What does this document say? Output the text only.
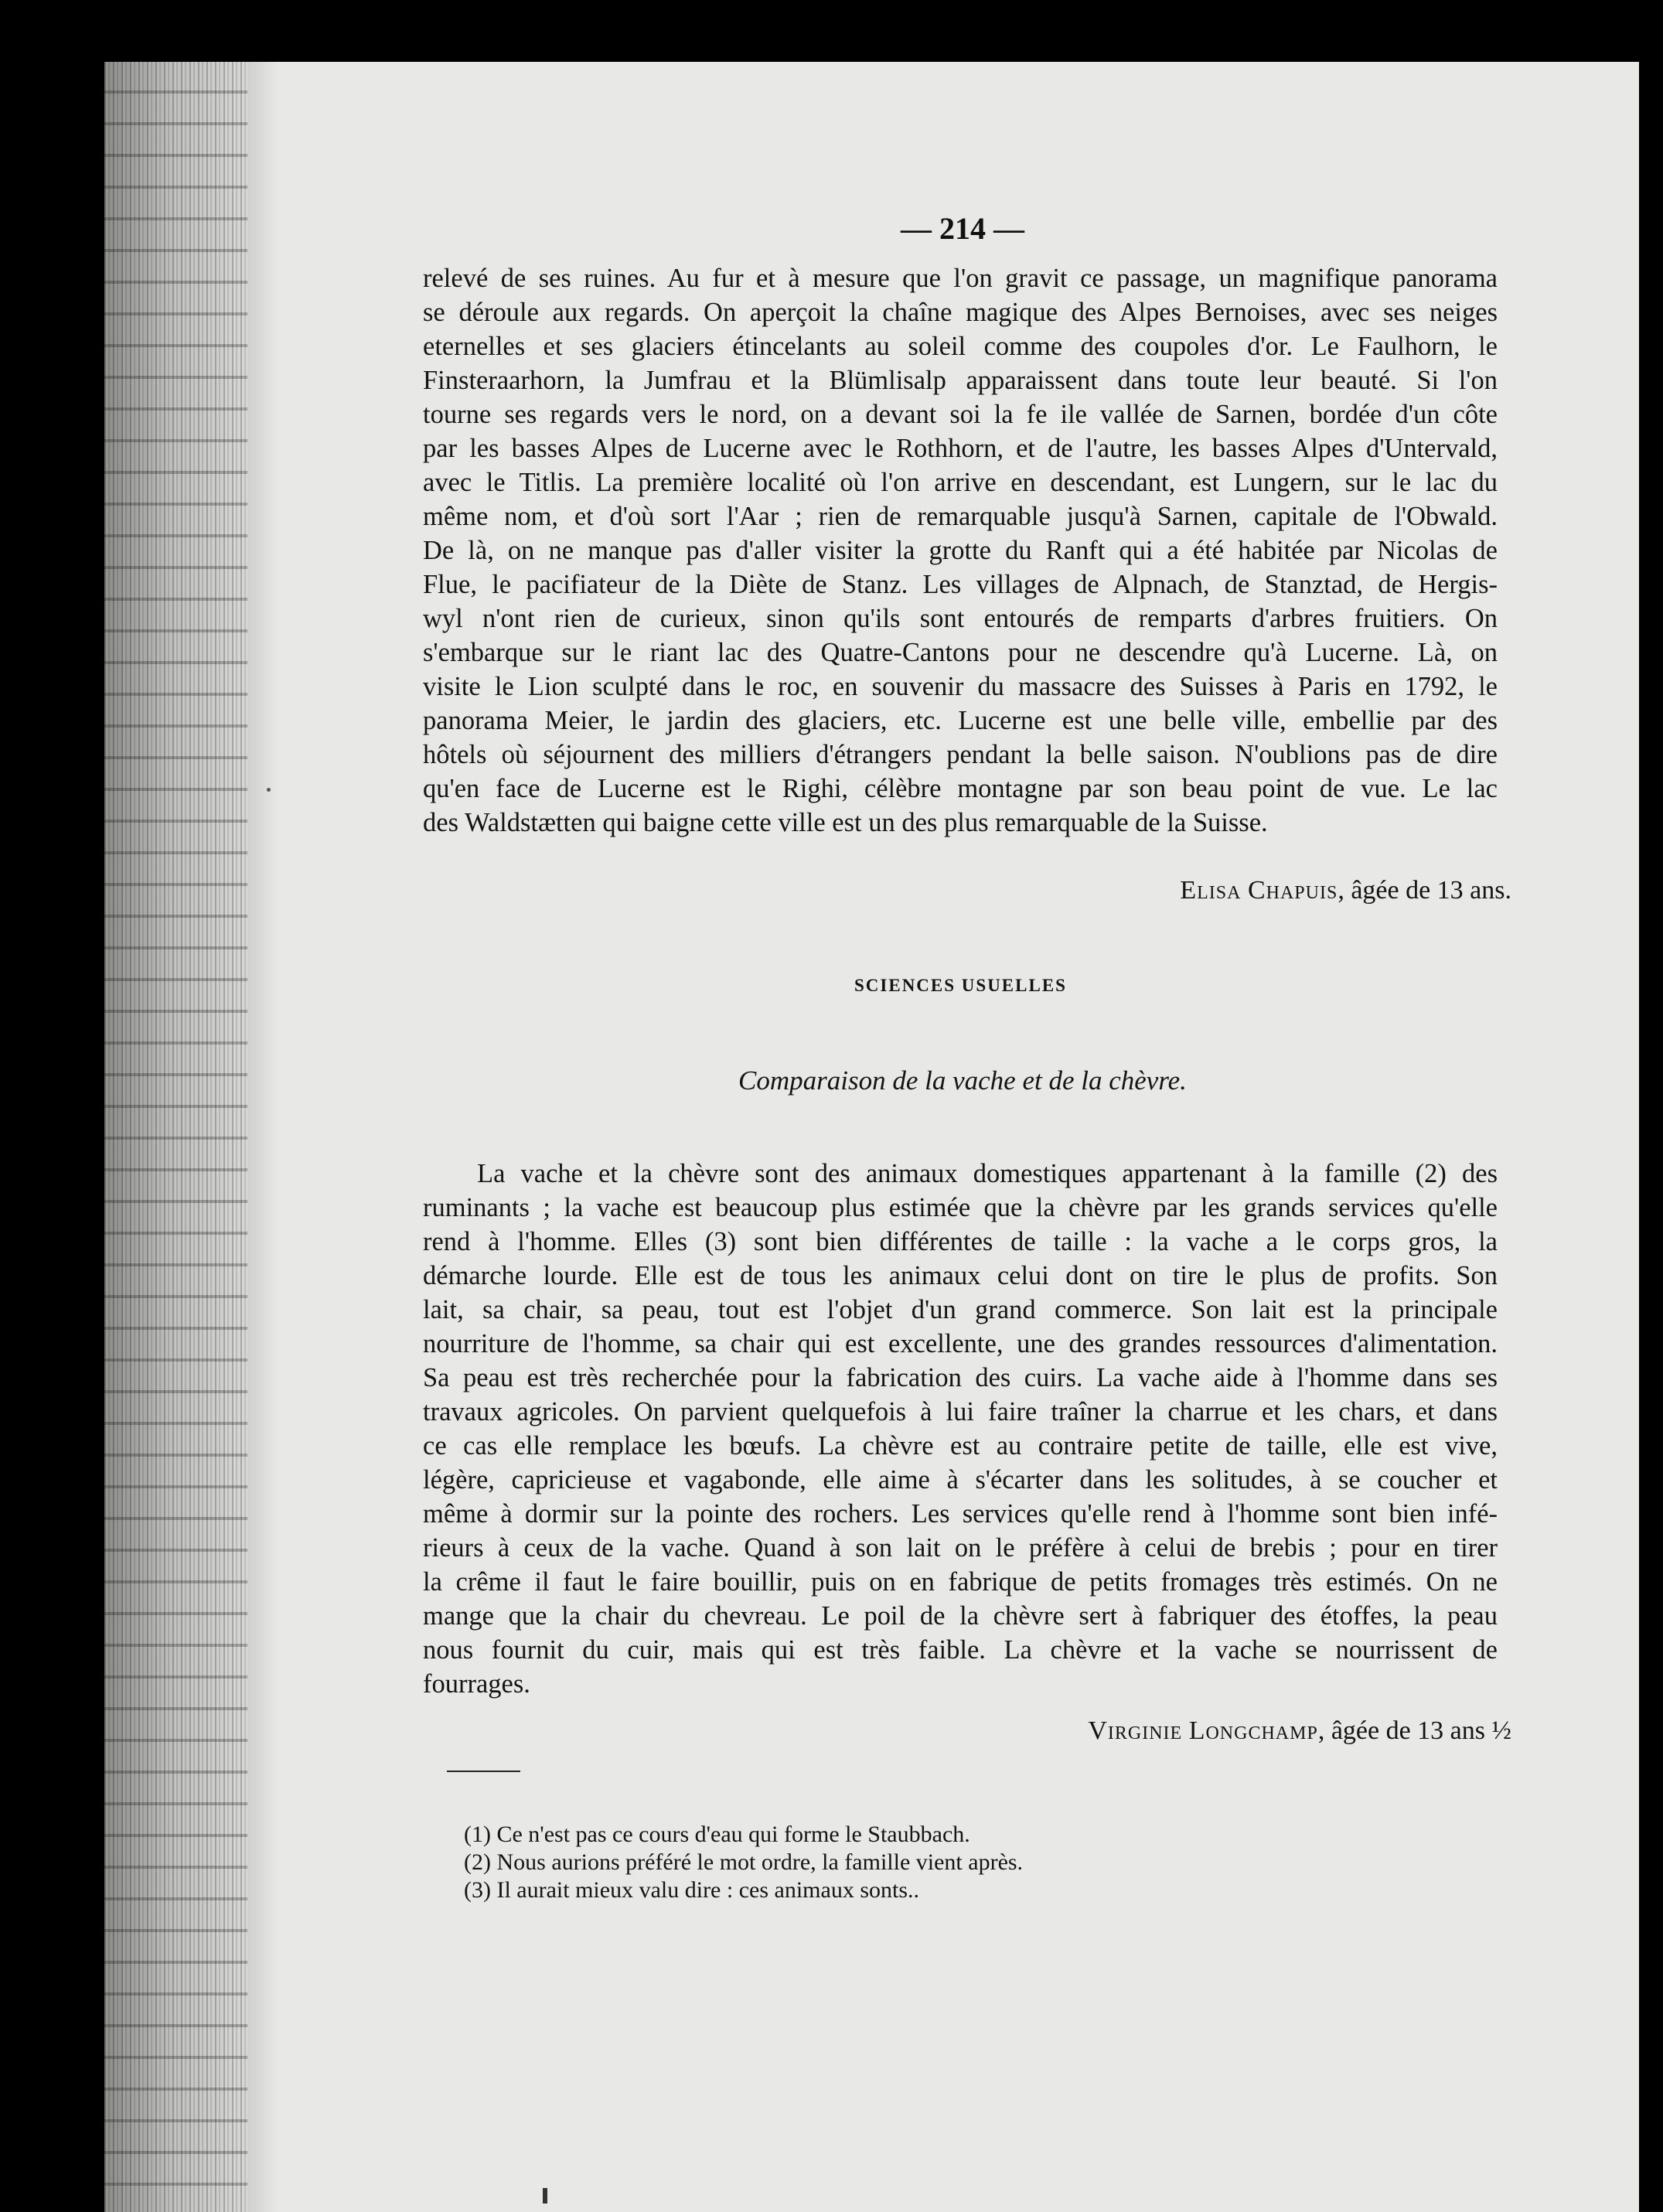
— 214 —
relevé de ses ruines. Au fur et à mesure que l'on gravit ce passage, un magnifique panorama
se déroule aux regards. On aperçoit la chaîne magique des Alpes Bernoises, avec ses neiges
eternelles et ses glaciers étincelants au soleil comme des coupoles d'or. Le Faulhorn, le
Finsteraarhorn, la Jumfrau et la Blümlisalp apparaissent dans toute leur beauté. Si l'on
tourne ses regards vers le nord, on a devant soi la fe ile vallée de Sarnen, bordée d'un côte
par les basses Alpes de Lucerne avec le Rothhorn, et de l'autre, les basses Alpes d'Untervald,
avec le Titlis. La première localité où l'on arrive en descendant, est Lungern, sur le lac du
même nom, et d'où sort l'Aar ; rien de remarquable jusqu'à Sarnen, capitale de l'Obwald.
De là, on ne manque pas d'aller visiter la grotte du Ranft qui a été habitée par Nicolas de
Flue, le pacifiateur de la Diète de Stanz. Les villages de Alpnach, de Stanztad, de Hergis-
wyl n'ont rien de curieux, sinon qu'ils sont entourés de remparts d'arbres fruitiers. On
s'embarque sur le riant lac des Quatre-Cantons pour ne descendre qu'à Lucerne. Là, on
visite le Lion sculpté dans le roc, en souvenir du massacre des Suisses à Paris en 1792, le
panorama Meier, le jardin des glaciers, etc. Lucerne est une belle ville, embellie par des
hôtels où séjournent des milliers d'étrangers pendant la belle saison. N'oublions pas de dire
qu'en face de Lucerne est le Righi, célèbre montagne par son beau point de vue. Le lac
des Waldstætten qui baigne cette ville est un des plus remarquable de la Suisse.
Elisa Chapuis, âgée de 13 ans.
SCIENCES USUELLES
Comparaison de la vache et de la chèvre.
La vache et la chèvre sont des animaux domestiques appartenant à la famille (2) des
ruminants ; la vache est beaucoup plus estimée que la chèvre par les grands services qu'elle
rend à l'homme. Elles (3) sont bien différentes de taille : la vache a le corps gros, la
démarche lourde. Elle est de tous les animaux celui dont on tire le plus de profits. Son
lait, sa chair, sa peau, tout est l'objet d'un grand commerce. Son lait est la principale
nourriture de l'homme, sa chair qui est excellente, une des grandes ressources d'alimentation.
Sa peau est très recherchée pour la fabrication des cuirs. La vache aide à l'homme dans ses
travaux agricoles. On parvient quelquefois à lui faire traîner la charrue et les chars, et dans
ce cas elle remplace les bœufs. La chèvre est au contraire petite de taille, elle est vive,
légère, capricieuse et vagabonde, elle aime à s'écarter dans les solitudes, à se coucher et
même à dormir sur la pointe des rochers. Les services qu'elle rend à l'homme sont bien infé-
rieurs à ceux de la vache. Quand à son lait on le préfère à celui de brebis ; pour en tirer
la crême il faut le faire bouillir, puis on en fabrique de petits fromages très estimés. On ne
mange que la chair du chevreau. Le poil de la chèvre sert à fabriquer des étoffes, la peau
nous fournit du cuir, mais qui est très faible. La chèvre et la vache se nourrissent de
fourrages.
Virginie Longchamp, âgée de 13 ans ½
(1) Ce n'est pas ce cours d'eau qui forme le Staubbach.
(2) Nous aurions préféré le mot ordre, la famille vient après.
(3) Il aurait mieux valu dire : ces animaux sonts..
